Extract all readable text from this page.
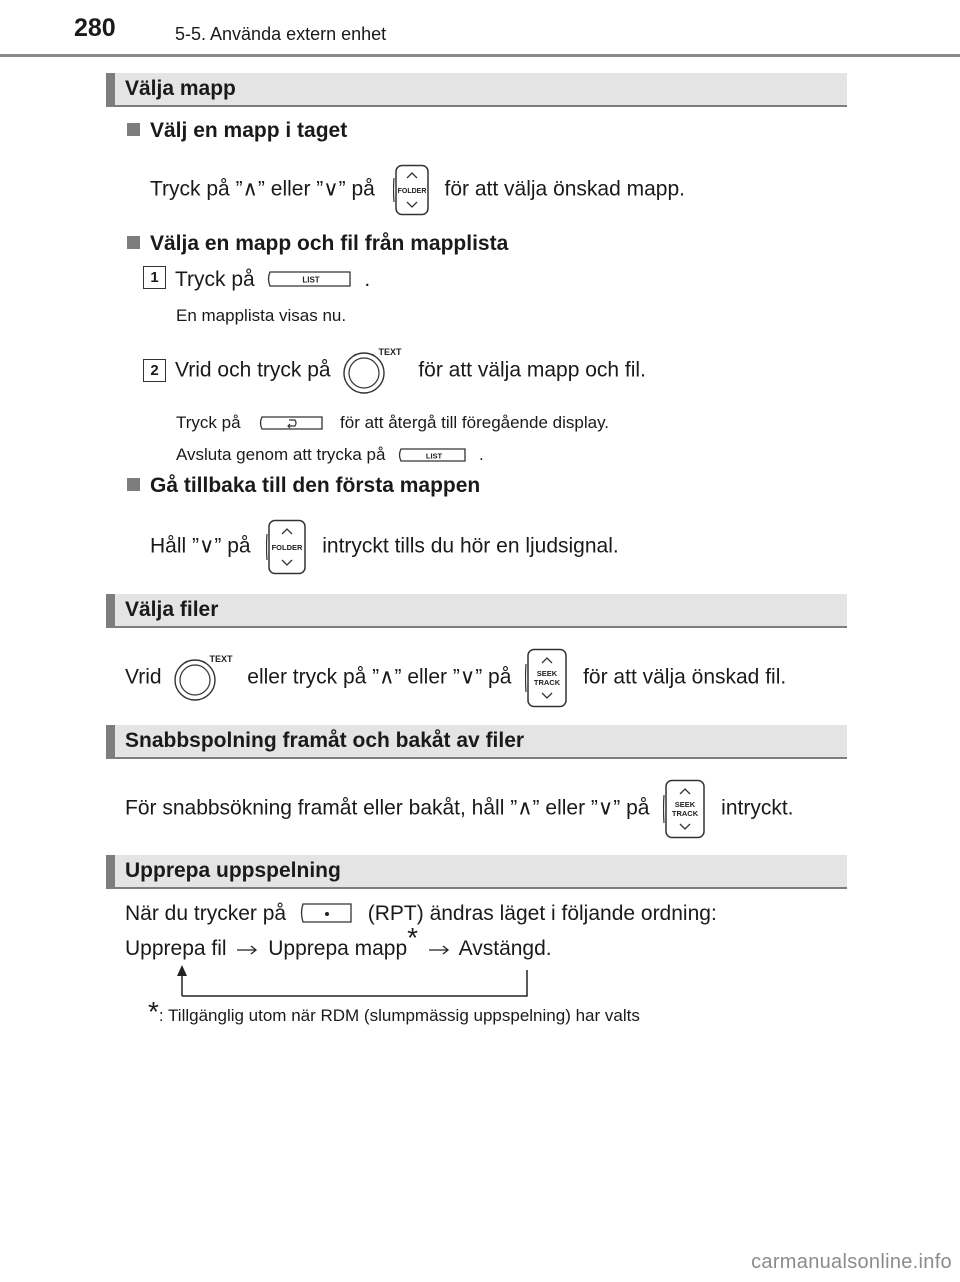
280	5-5. Använda extern enhet
Välja mapp
Välj en mapp i taget
Tryck på ”∧” eller ”∨” på	FOLDER för att välja önskad mapp.
Välja en mapp och fil från mapplista
1 Tryck på	LIST .
En mapplista visas nu.
2 Vrid och tryck på
TEXT
för att välja mapp och fil.
Tryck på	för att återgå till föregående display.
Avsluta genom att trycka på	LIST .
Gå tillbaka till den första mappen
Håll ”∨” på	FOLDER intryckt tills du hör en ljudsignal.
Välja filer
Vrid
TEXT
eller tryck på ”∧” eller ”∨” på	SEEK
TRACK för att välja önskad fil.
Snabbspolning framåt och bakåt av filer
För snabbsökning framåt eller bakåt, håll ”∧” eller ”∨” på	SEEK
TRACK intryckt.
Upprepa uppspelning
När du trycker på	(RPT) ändras läget i följande ordning:
Upprepa fil Upprepa mapp* Avstängd.
*: Tillgänglig utom när RDM (slumpmässig uppspelning) har valts
carmanualsonline.info
